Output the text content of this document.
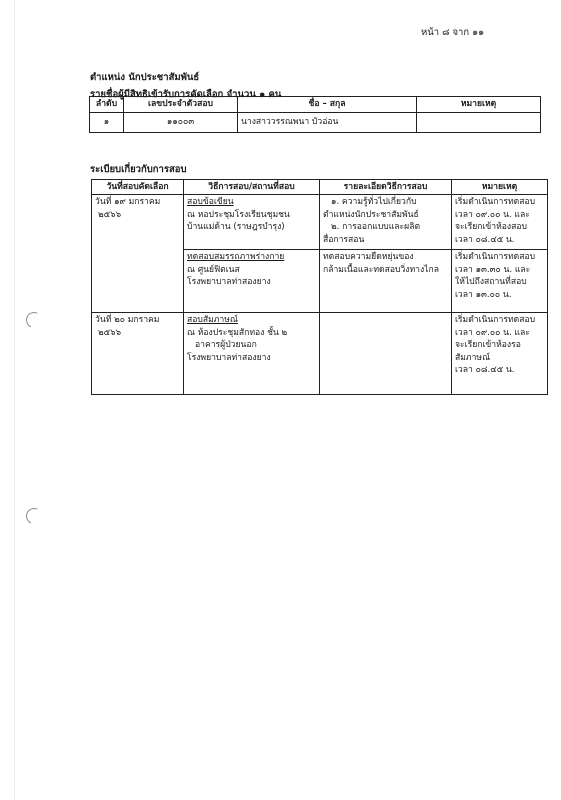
หน้า ๘ จาก ๑๑
ตำแหน่ง นักประชาสัมพันธ์
รายชื่อผู้มีสิทธิเข้ารับการคัดเลือก จำนวน ๑ คน
ลำดับ	เลขประจำตัวสอบ	ชื่อ – สกุล	หมายเหตุ
๑	๑๑๐๐๓	นางสาววรรณพนา บัวอ่อน	
ระเบียบเกี่ยวกับการสอบ
วันที่สอบคัดเลือก	วิธีการสอบ/สถานที่สอบ	รายละเอียดวิธีการสอบ	หมายเหตุ

วันที่ ๑๙ มกราคม
๒๕๖๖	สอบข้อเขียน
ณ หอประชุมโรงเรียนชุมชน
บ้านแม่ด้าน (ราษฎรบำรุง)	๑. ความรู้ทั่วไปเกี่ยวกับ
ตำแหน่งนักประชาสัมพันธ์
๒. การออกแบบและผลิต
สื่อการสอน	เริ่มดำเนินการทดสอบ
เวลา ๐๙.๐๐ น. และ
จะเรียกเข้าห้องสอบ
เวลา ๐๘.๔๕ น.

	ทดสอบสมรรถภาพร่างกาย
ณ ศูนย์ฟิตเนส
โรงพยาบาลท่าสองยาง	ทดสอบความยืดหยุ่นของ
กล้ามเนื้อและทดสอบวิ่งทางไกล	เริ่มดำเนินการทดสอบ
เวลา ๑๓.๓๐ น. และ
ให้ไปถึงสถานที่สอบ
เวลา ๑๓.๐๐ น.

วันที่ ๒๐ มกราคม
๒๕๖๖	สอบสัมภาษณ์
ณ ห้องประชุมสักทอง ชั้น ๒
อาคารผู้ป่วยนอก
โรงพยาบาลท่าสองยาง		เริ่มดำเนินการทดสอบ
เวลา ๐๙.๐๐ น. และ
จะเรียกเข้าห้องรอ
สัมภาษณ์
เวลา ๐๘.๔๕ น.
